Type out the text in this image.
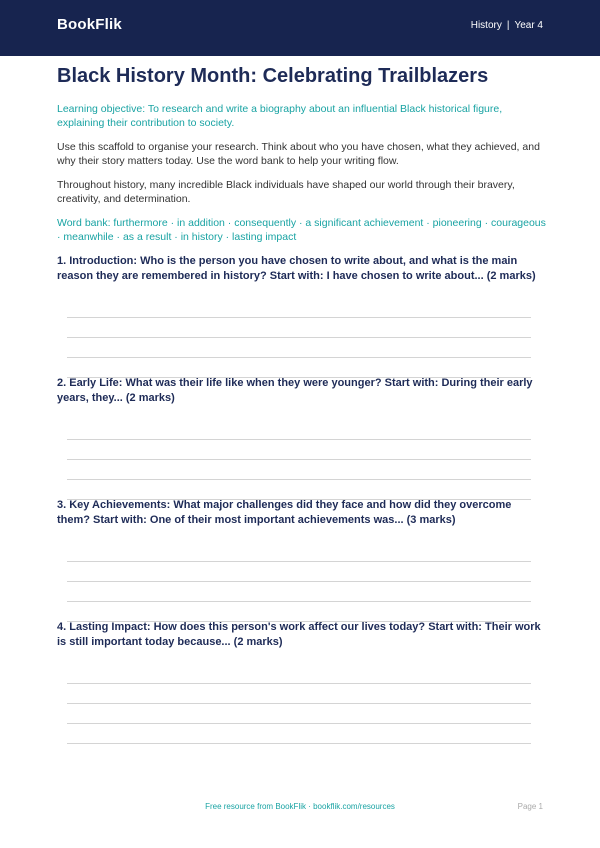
BookFlik	History | Year 4
Black History Month: Celebrating Trailblazers
Learning objective: To research and write a biography about an influential Black historical figure, explaining their contribution to society.
Use this scaffold to organise your research. Think about who you have chosen, what they achieved, and why their story matters today. Use the word bank to help your writing flow.
Throughout history, many incredible Black individuals have shaped our world through their bravery, creativity, and determination.
Word bank: furthermore · in addition · consequently · a significant achievement · pioneering · courageous · meanwhile · as a result · in history · lasting impact
1. Introduction: Who is the person you have chosen to write about, and what is the main reason they are remembered in history? Start with: I have chosen to write about... (2 marks)
2. Early Life: What was their life like when they were younger? Start with: During their early years, they... (2 marks)
3. Key Achievements: What major challenges did they face and how did they overcome them? Start with: One of their most important achievements was... (3 marks)
4. Lasting Impact: How does this person's work affect our lives today? Start with: Their work is still important today because... (2 marks)
Free resource from BookFlik · bookflik.com/resources	Page 1
